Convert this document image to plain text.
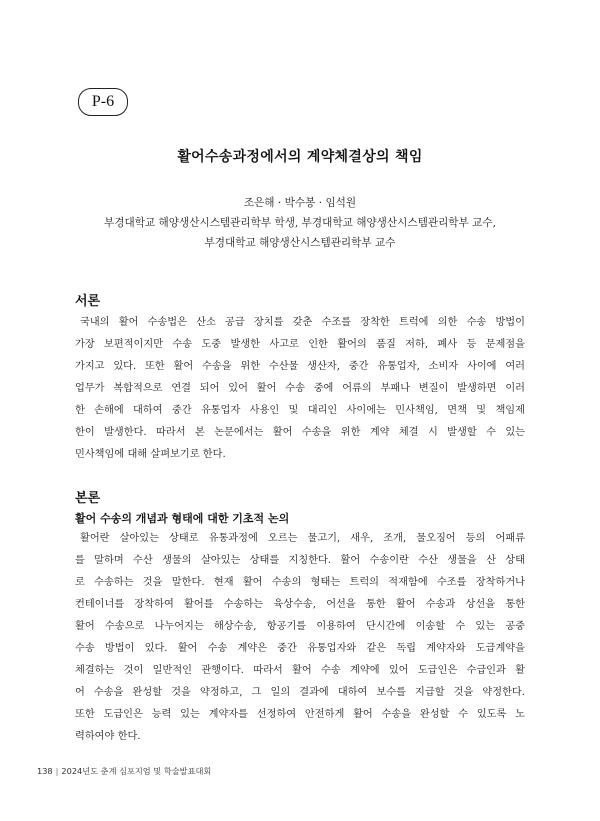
P-6
활어수송과정에서의 계약체결상의 책임
조은해 · 박수봉 · 임석원
부경대학교 해양생산시스템관리학부 학생, 부경대학교 해양생산시스템관리학부 교수,
부경대학교 해양생산시스템관리학부 교수
서론
국내의 활어 수송법은 산소 공급 장치를 갖춘 수조를 장착한 트럭에 의한 수송 방법이
가장 보편적이지만 수송 도중 발생한 사고로 인한 활어의 품질 저하, 폐사 등 문제점을
가지고 있다. 또한 활어 수송을 위한 수산물 생산자, 중간 유통업자, 소비자 사이에 여러
업무가 복합적으로 연결 되어 있어 활어 수송 중에 어류의 부패나 변질이 발생하면 이러
한 손해에 대하여 중간 유통업자 사용인 및 대리인 사이에는 민사책임, 면책 및 책임제
한이 발생한다. 따라서 본 논문에서는 활어 수송을 위한 계약 체결 시 발생할 수 있는
민사책임에 대해 살펴보기로 한다.
본론
활어 수송의 개념과 형태에 대한 기초적 논의
활어란 살아있는 상태로 유통과정에 오르는 물고기, 새우, 조개, 물오징어 등의 어패류
를 말하며 수산 생물의 살아있는 상태를 지칭한다. 활어 수송이란 수산 생물을 산 상태
로 수송하는 것을 말한다. 현재 활어 수송의 형태는 트럭의 적재함에 수조를 장착하거나
컨테이너를 장착하여 활어를 수송하는 육상수송, 어선을 통한 활어 수송과 상선을 통한
활어 수송으로 나누어지는 해상수송, 항공기를 이용하여 단시간에 이송할 수 있는 공중
수송 방법이 있다. 활어 수송 계약은 중간 유통업자와 같은 독립 계약자와 도급계약을
체결하는 것이 일반적인 관행이다. 따라서 활어 수송 계약에 있어 도급인은 수급인과 활
어 수송을 완성할 것을 약정하고, 그 일의 결과에 대하여 보수를 지급할 것을 약정한다.
또한 도급인은 능력 있는 계약자를 선정하여 안전하게 활어 수송을 완성할 수 있도록 노
력하여야 한다.
138 | 2024년도 춘계 심포지엄 및 학술발표대회
